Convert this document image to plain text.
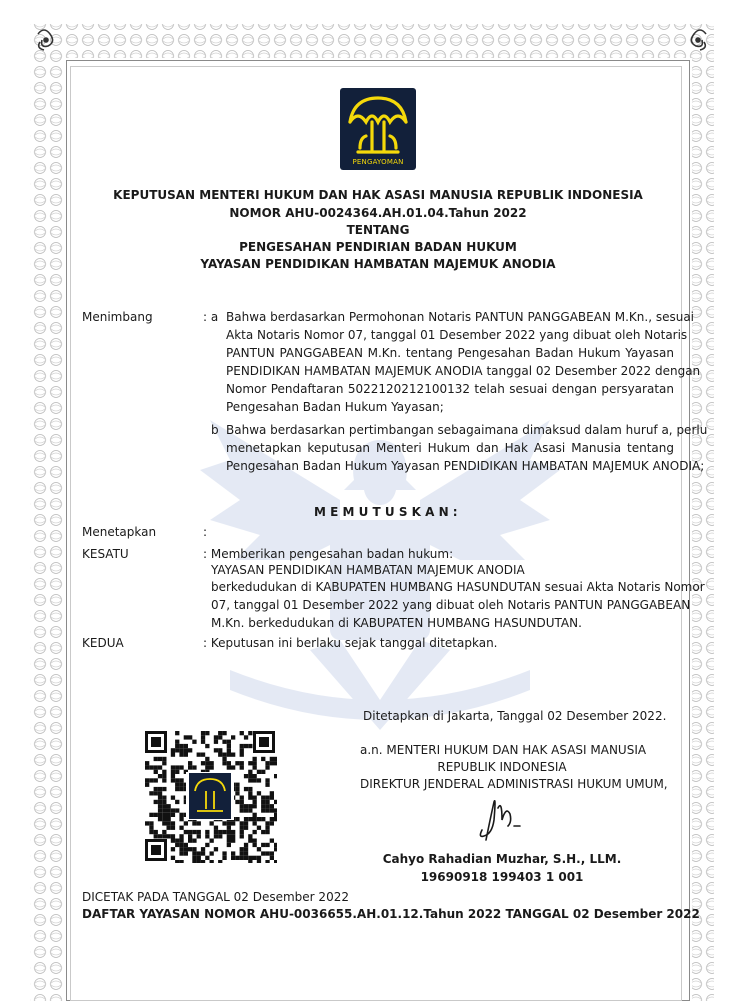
PENGAYOMAN
KEPUTUSAN MENTERI HUKUM DAN HAK ASASI MANUSIA REPUBLIK INDONESIA
NOMOR AHU-0024364.AH.01.04.Tahun 2022
TENTANG
PENGESAHAN PENDIRIAN BADAN HUKUM
YAYASAN PENDIDIKAN HAMBATAN MAJEMUK ANODIA
Menimbang	: a Bahwa berdasarkan Permohonan Notaris PANTUN PANGGABEAN M.Kn., sesuai
Akta Notaris Nomor 07, tanggal 01 Desember 2022 yang dibuat oleh Notaris
PANTUN PANGGABEAN M.Kn. tentang Pengesahan Badan Hukum Yayasan
PENDIDIKAN HAMBATAN MAJEMUK ANODIA tanggal 02 Desember 2022 dengan
Nomor Pendaftaran 5022120212100132 telah sesuai dengan persyaratan
Pengesahan Badan Hukum Yayasan;
b Bahwa berdasarkan pertimbangan sebagaimana dimaksud dalam huruf a, perlu
menetapkan keputusan Menteri Hukum dan Hak Asasi Manusia tentang
Pengesahan Badan Hukum Yayasan PENDIDIKAN HAMBATAN MAJEMUK ANODIA;
M E M U T U S K A N :
Menetapkan	:
KESATU	: Memberikan pengesahan badan hukum:
YAYASAN PENDIDIKAN HAMBATAN MAJEMUK ANODIA
berkedudukan di KABUPATEN HUMBANG HASUNDUTAN sesuai Akta Notaris Nomor
07, tanggal 01 Desember 2022 yang dibuat oleh Notaris PANTUN PANGGABEAN
M.Kn. berkedudukan di KABUPATEN HUMBANG HASUNDUTAN.
KEDUA	: Keputusan ini berlaku sejak tanggal ditetapkan.
Ditetapkan di Jakarta, Tanggal 02 Desember 2022.
a.n. MENTERI HUKUM DAN HAK ASASI MANUSIA
REPUBLIK INDONESIA
DIREKTUR JENDERAL ADMINISTRASI HUKUM UMUM,
Cahyo Rahadian Muzhar, S.H., LLM.
19690918 199403 1 001
DICETAK PADA TANGGAL 02 Desember 2022
DAFTAR YAYASAN NOMOR AHU-0036655.AH.01.12.Tahun 2022 TANGGAL 02 Desember 2022
